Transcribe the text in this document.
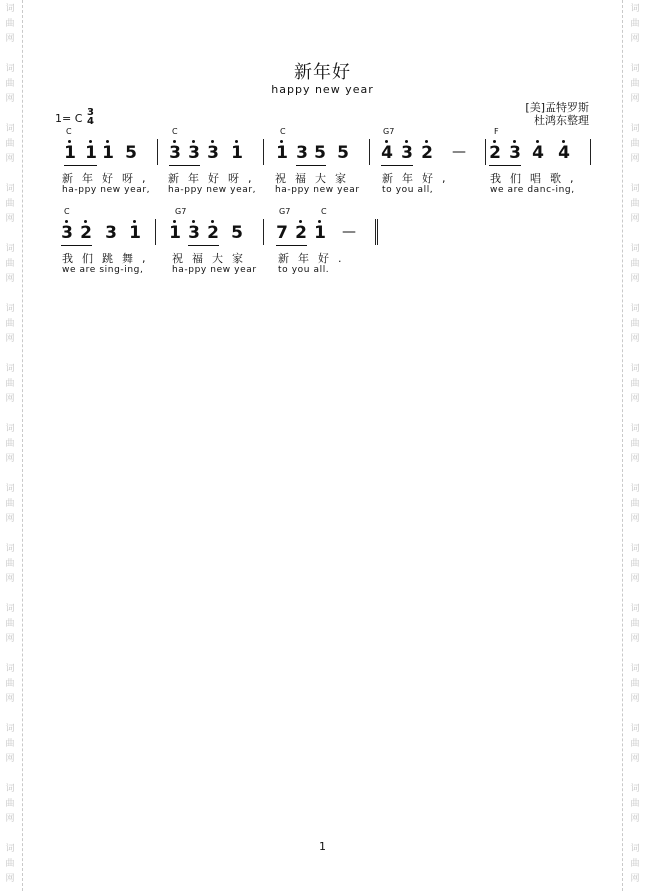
词
曲
网
词
曲
网
词
曲
网
词
曲
网
词
曲
网
词
曲
网
词
曲
网
词
曲
网
词
曲
网
词
曲
网
词
曲
网
词
曲
网
词
曲
网
词
曲
网
词
曲
网
词
曲
网
词
曲
网
词
曲
网
词
曲
网
词
曲
网
词
曲
网
词
曲
网
词
曲
网
词
曲
网
词
曲
网
词
曲
网
词
曲
网
词
曲
网
词
曲
网
词
曲
网
新年好
happy new year
[美]孟特罗斯
杜鸿东整理
1= C 3
4
C
1 1 1 5
新年好呀,
ha-ppy new year,
C
3 3 3 1
新年好呀,
ha-ppy new year,
C
1 3 5 5
祝福大家
ha-ppy new year
G7
4 3 2 —
新年好,
to you all,
F
2 3 4 4
我们唱歌,
we are danc-ing,
C
3 2 3 1
我们跳舞,
we are sing-ing,
G7
1 3 2 5
祝福大家
ha-ppy new year
G7	C
7 2 1 —
新年好.
to you all.
1
